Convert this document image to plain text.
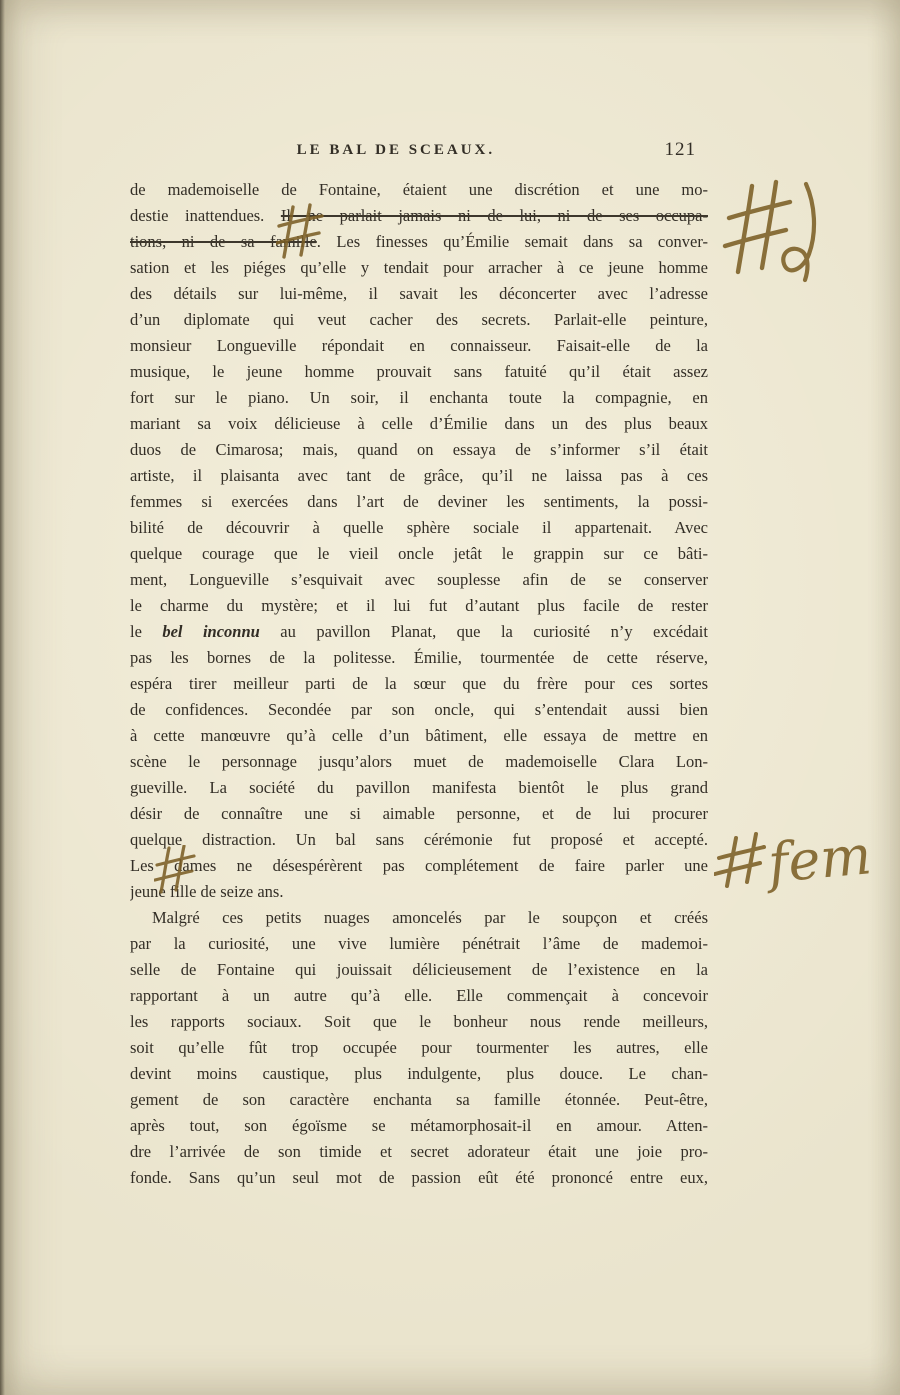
LE BAL DE SCEAUX.	121
de mademoiselle de Fontaine, étaient une discrétion et une mo-
destie inattendues. Il ne parlait jamais ni de lui, ni de ses occupa-
tions, ni de sa famille. Les finesses qu’Émilie semait dans sa conver-
sation et les piéges qu’elle y tendait pour arracher à ce jeune homme
des détails sur lui-même, il savait les déconcerter avec l’adresse
d’un diplomate qui veut cacher des secrets. Parlait-elle peinture,
monsieur Longueville répondait en connaisseur. Faisait-elle de la
musique, le jeune homme prouvait sans fatuité qu’il était assez
fort sur le piano. Un soir, il enchanta toute la compagnie, en
mariant sa voix délicieuse à celle d’Émilie dans un des plus beaux
duos de Cimarosa; mais, quand on essaya de s’informer s’il était
artiste, il plaisanta avec tant de grâce, qu’il ne laissa pas à ces
femmes si exercées dans l’art de deviner les sentiments, la possi-
bilité de découvrir à quelle sphère sociale il appartenait. Avec
quelque courage que le vieil oncle jetât le grappin sur ce bâti-
ment, Longueville s’esquivait avec souplesse afin de se conserver
le charme du mystère; et il lui fut d’autant plus facile de rester
le bel inconnu au pavillon Planat, que la curiosité n’y excédait
pas les bornes de la politesse. Émilie, tourmentée de cette réserve,
espéra tirer meilleur parti de la sœur que du frère pour ces sortes
de confidences. Secondée par son oncle, qui s’entendait aussi bien
à cette manœuvre qu’à celle d’un bâtiment, elle essaya de mettre en
scène le personnage jusqu’alors muet de mademoiselle Clara Lon-
gueville. La société du pavillon manifesta bientôt le plus grand
désir de connaître une si aimable personne, et de lui procurer
quelque distraction. Un bal sans cérémonie fut proposé et accepté.
Les dames ne désespérèrent pas complétement de faire parler une
jeune fille de seize ans.
Malgré ces petits nuages amoncelés par le soupçon et créés
par la curiosité, une vive lumière pénétrait l’âme de mademoi-
selle de Fontaine qui jouissait délicieusement de l’existence en la
rapportant à un autre qu’à elle. Elle commençait à concevoir
les rapports sociaux. Soit que le bonheur nous rende meilleurs,
soit qu’elle fût trop occupée pour tourmenter les autres, elle
devint moins caustique, plus indulgente, plus douce. Le chan-
gement de son caractère enchanta sa famille étonnée. Peut-être,
après tout, son égoïsme se métamorphosait-il en amour. Atten-
dre l’arrivée de son timide et secret adorateur était une joie pro-
fonde. Sans qu’un seul mot de passion eût été prononcé entre eux,
fem
